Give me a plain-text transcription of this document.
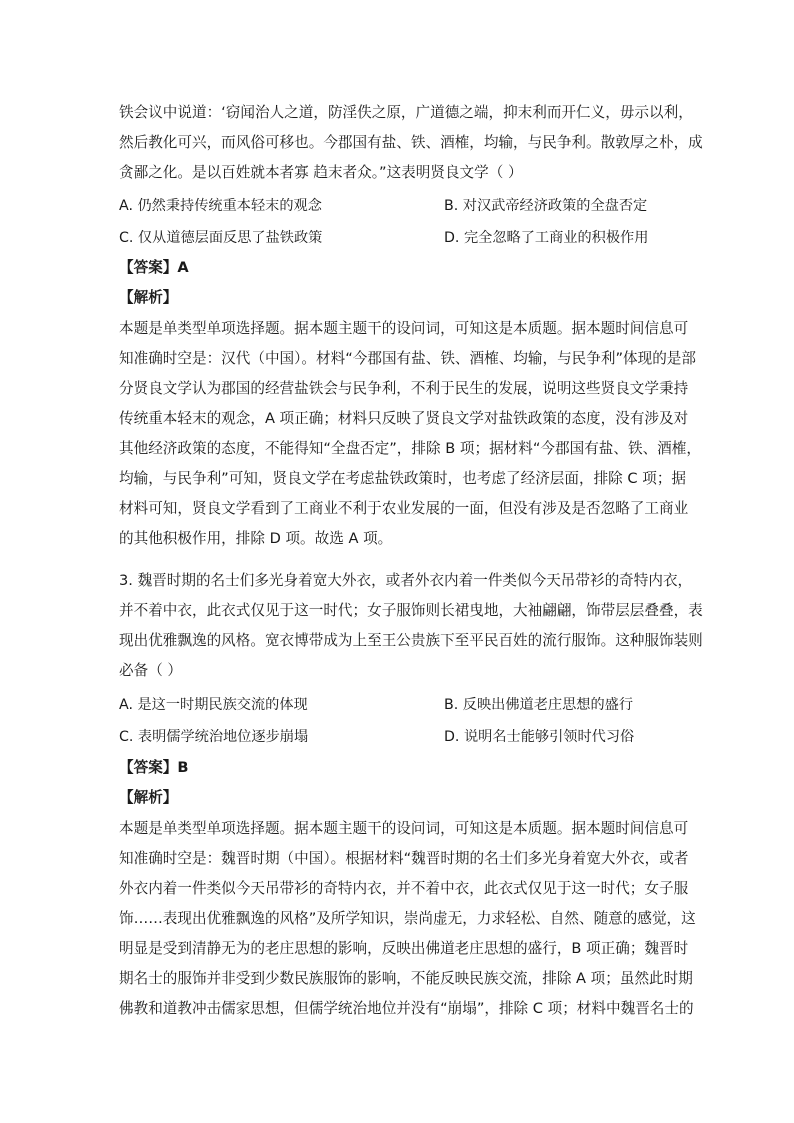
铁会议中说道：‘窃闻治人之道，防淫佚之原，广道德之端，抑末利而开仁义，毋示以利，
然后教化可兴，而风俗可移也。今郡国有盐、铁、酒榷，均输，与民争利。散敦厚之朴，成
贪鄙之化。是以百姓就本者寡 趋末者众。”这表明贤良文学（ ）
A. 仍然秉持传统重本轻末的观念	B. 对汉武帝经济政策的全盘否定
C. 仅从道德层面反思了盐铁政策	D. 完全忽略了工商业的积极作用
【答案】A
【解析】
本题是单类型单项选择题。据本题主题干的设问词，可知这是本质题。据本题时间信息可
知准确时空是：汉代（中国）。材料“今郡国有盐、铁、酒榷、均输，与民争利”体现的是部
分贤良文学认为郡国的经营盐铁会与民争利，不利于民生的发展，说明这些贤良文学秉持
传统重本轻末的观念，A 项正确；材料只反映了贤良文学对盐铁政策的态度，没有涉及对
其他经济政策的态度，不能得知“全盘否定”，排除 B 项；据材料“今郡国有盐、铁、酒榷，
均输，与民争利”可知，贤良文学在考虑盐铁政策时，也考虑了经济层面，排除 C 项；据
材料可知，贤良文学看到了工商业不利于农业发展的一面，但没有涉及是否忽略了工商业
的其他积极作用，排除 D 项。故选 A 项。
3. 魏晋时期的名士们多光身着宽大外衣，或者外衣内着一件类似今天吊带衫的奇特内衣，
并不着中衣，此衣式仅见于这一时代；女子服饰则长裙曳地，大袖翩翩，饰带层层叠叠，表
现出优雅飘逸的风格。宽衣博带成为上至王公贵族下至平民百姓的流行服饰。这种服饰装则
必备（ ）
A. 是这一时期民族交流的体现	B. 反映出佛道老庄思想的盛行
C. 表明儒学统治地位逐步崩塌	D. 说明名士能够引领时代习俗
【答案】B
【解析】
本题是单类型单项选择题。据本题主题干的设问词，可知这是本质题。据本题时间信息可
知准确时空是：魏晋时期（中国）。根据材料“魏晋时期的名士们多光身着宽大外衣，或者
外衣内着一件类似今天吊带衫的奇特内衣，并不着中衣，此衣式仅见于这一时代；女子服
饰……表现出优雅飘逸的风格”及所学知识，崇尚虚无，力求轻松、自然、随意的感觉，这
明显是受到清静无为的老庄思想的影响，反映出佛道老庄思想的盛行，B 项正确；魏晋时
期名士的服饰并非受到少数民族服饰的影响，不能反映民族交流，排除 A 项；虽然此时期
佛教和道教冲击儒家思想，但儒学统治地位并没有“崩塌”，排除 C 项；材料中魏晋名士的
